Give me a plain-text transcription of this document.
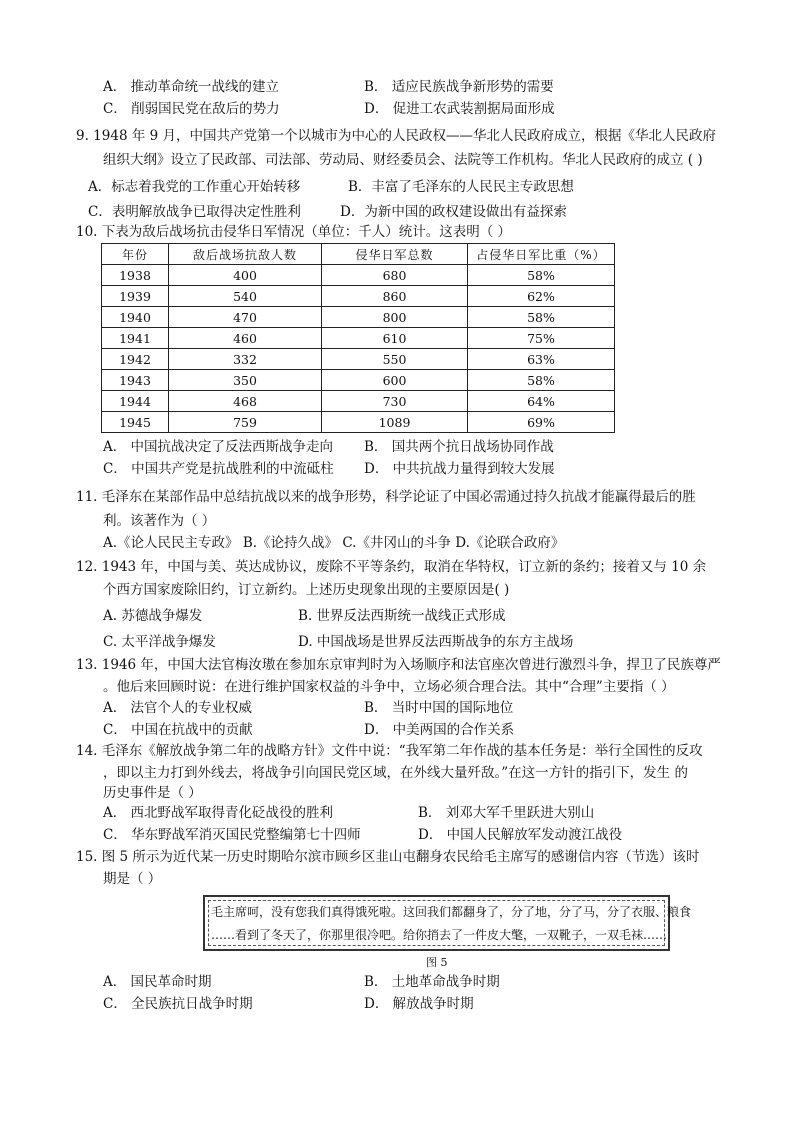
A． 推动革命统一战线的建立	B． 适应民族战争新形势的需要
C． 削弱国民党在敌后的势力	D． 促进工农武装割据局面形成
9. 1948 年 9 月，中国共产党第一个以城市为中心的人民政权——华北人民政府成立，根据《华北人民政府
组织大纲》设立了民政部、司法部、劳动局、财经委员会、法院等工作机构。华北人民政府的成立 ( )
A．标志着我党的工作重心开始转移	B．丰富了毛泽东的人民民主专政思想
C．表明解放战争已取得决定性胜利	D．为新中国的政权建设做出有益探索
10. 下表为敌后战场抗击侵华日军情况（单位：千人）统计。这表明（ ）
年份	敌后战场抗敌人数	侵华日军总数	占侵华日军比重（%）
1938	400	680	58%
1939	540	860	62%
1940	470	800	58%
1941	460	610	75%
1942	332	550	63%
1943	350	600	58%
1944	468	730	64%
1945	759	1089	69%
A． 中国抗战决定了反法西斯战争走向 B． 国共两个抗日战场协同作战
C． 中国共产党是抗战胜利的中流砥柱 D． 中共抗战力量得到较大发展
11. 毛泽东在某部作品中总结抗战以来的战争形势，科学论证了中国必需通过持久抗战才能赢得最后的胜
利。该著作为（ ）
A.《论人民民主专政》 B.《论持久战》 C.《井冈山的斗争 D.《论联合政府》
12. 1943 年，中国与美、英达成协议，废除不平等条约，取消在华特权，订立新的条约；接着又与 10 余
个西方国家废除旧约，订立新约。上述历史现象出现的主要原因是( )
A. 苏德战争爆发	B. 世界反法西斯统一战线正式形成
C. 太平洋战争爆发	D. 中国战场是世界反法西斯战争的东方主战场
13. 1946 年，中国大法官梅汝璈在参加东京审判时为入场顺序和法官座次曾进行激烈斗争，捍卫了民族尊严
。他后来回顾时说：在进行维护国家权益的斗争中，立场必须合理合法。其中“合理”主要指（ ）
A． 法官个人的专业权威	B． 当时中国的国际地位
C． 中国在抗战中的贡献	D． 中美两国的合作关系
14. 毛泽东《解放战争第二年的战略方针》文件中说：“我军第二年作战的基本任务是：举行全国性的反攻
，即以主力打到外线去，将战争引向国民党区域，在外线大量歼敌。”在这一方针的指引下，发生 的
历史事件是（ ）
A． 西北野战军取得青化砭战役的胜利	B． 刘邓大军千里跃进大别山
C． 华东野战军消灭国民党整编第七十四师	D． 中国人民解放军发动渡江战役
15. 图 5 所示为近代某一历史时期哈尔滨市顾乡区韭山屯翻身农民给毛主席写的感谢信内容（节选）该时
期是（ ）
毛主席呵，没有您我们真得饿死啦。这回我们都翻身了，分了地，分了马，分了衣服、粮食
……看到了冬天了，你那里很冷吧。给你捎去了一件皮大氅，一双靴子，一双毛袜……
图 5
A． 国民革命时期	B． 土地革命战争时期
C． 全民族抗日战争时期	D． 解放战争时期
